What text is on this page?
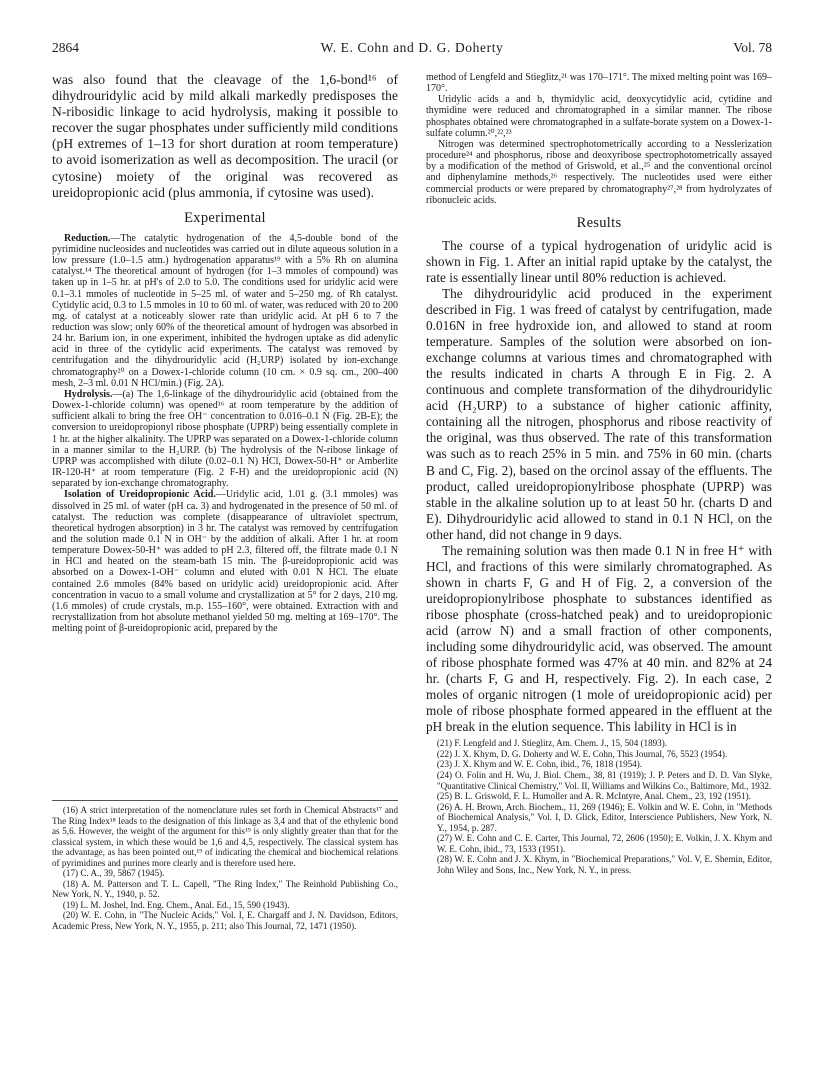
2864	W. E. Cohn and D. G. Doherty	Vol. 78

was also found that the cleavage of the 1,6-bond¹⁶ of dihydrouridylic acid by mild alkali markedly predisposes the N-ribosidic linkage to acid hydrolysis, making it possible to recover the sugar phosphates under sufficiently mild conditions (pH extremes of 1–13 for short duration at room temperature) to avoid isomerization as well as decomposition. The uracil (or cytosine) moiety of the original was recovered as ureidopropionic acid (plus ammonia, if cytosine was used).

Experimental

Reduction.—The catalytic hydrogenation of the 4,5-double bond of the pyrimidine nucleosides and nucleotides was carried out in dilute aqueous solution in a low pressure (1.0–1.5 atm.) hydrogenation apparatus¹⁹ with a 5% Rh on alumina catalyst.¹⁴ The theoretical amount of hydrogen (for 1–3 mmoles of compound) was taken up in 1–5 hr. at pH's of 2.0 to 5.0. The conditions used for uridylic acid were 0.1–3.1 mmoles of nucleotide in 5–25 ml. of water and 5–250 mg. of Rh catalyst. Cytidylic acid, 0.3 to 1.5 mmoles in 10 to 60 ml. of water, was reduced with 20 to 200 mg. of catalyst at a noticeably slower rate than uridylic acid. At pH 6 to 7 the reduction was slow; only 60% of the theoretical amount of hydrogen was absorbed in 24 hr. Barium ion, in one experiment, inhibited the hydrogen uptake as did adenylic acid in three of the cytidylic acid experiments. The catalyst was removed by centrifugation and the dihydrouridylic acid (H₂URP) isolated by ion-exchange chromatography²⁰ on a Dowex-1-chloride column (10 cm. × 0.9 sq. cm., 200–400 mesh, 2–3 ml. 0.01 N HCl/min.) (Fig. 2A).

Hydrolysis.—(a) The 1,6-linkage of the dihydrouridylic acid (obtained from the Dowex-1-chloride column) was opened¹⁶ at room temperature by the addition of sufficient alkali to bring the free OH⁻ concentration to 0.016–0.1 N (Fig. 2B-E); the conversion to ureidopropionyl ribose phosphate (UPRP) being essentially complete in 1 hr. at the higher alkalinity. The UPRP was separated on a Dowex-1-chloride column in a manner similar to the H₂URP. (b) The hydrolysis of the N-ribose linkage of UPRP was accomplished with dilute (0.02–0.1 N) HCl, Dowex-50-H⁺ or Amberlite IR-120-H⁺ at room temperature (Fig. 2 F-H) and the ureidopropionic acid (N) separated by ion-exchange chromatography.

Isolation of Ureidopropionic Acid.—Uridylic acid, 1.01 g. (3.1 mmoles) was dissolved in 25 ml. of water (pH ca. 3) and hydrogenated in the presence of 50 ml. of catalyst. The reduction was complete (disappearance of ultraviolet spectrum, theoretical hydrogen absorption) in 3 hr. The catalyst was removed by centrifugation and the solution made 0.1 N in OH⁻ by the addition of alkali. After 1 hr. at room temperature Dowex-50-H⁺ was added to pH 2.3, filtered off, the filtrate made 0.1 N in HCl and heated on the steam-bath 15 min. The β-ureidopropionic acid was absorbed on a Dowex-1-OH⁻ column and eluted with 0.01 N HCl. The eluate contained 2.6 mmoles (84% based on uridylic acid) ureidopropionic acid. After concentration in vacuo to a small volume and crystallization at 5° for 2 days, 210 mg. (1.6 mmoles) of crude crystals, m.p. 155–160°, were obtained. Extraction with and recrystallization from hot absolute methanol yielded 50 mg. melting at 169–170°. The melting point of β-ureidopropionic acid, prepared by the

(16) A strict interpretation of the nomenclature rules set forth in Chemical Abstracts¹⁷ and The Ring Index¹⁸ leads to the designation of this linkage as 3,4 and that of the ethylenic bond as 5,6. However, the weight of the argument for this¹⁹ is only slightly greater than that for the classical system, in which these would be 1,6 and 4,5, respectively. The classical system has the advantage, as has been pointed out,¹⁹ of indicating the chemical and biochemical relations of pyrimidines and purines more clearly and is therefore used here.

(17) C. A., 39, 5867 (1945).

(18) A. M. Patterson and T. L. Capell, "The Ring Index," The Reinhold Publishing Co., New York, N. Y., 1940, p. 52.

(19) L. M. Joshel, Ind. Eng. Chem., Anal. Ed., 15, 590 (1943).

(20) W. E. Cohn, in "The Nucleic Acids," Vol. I, E. Chargaff and J. N. Davidson, Editors, Academic Press, New York, N. Y., 1955, p. 211; also This Journal, 72, 1471 (1950).

method of Lengfeld and Stieglitz,²¹ was 170–171°. The mixed melting point was 169–170°.

Uridylic acids a and b, thymidylic acid, deoxycytidylic acid, cytidine and thymidine were reduced and chromatographed in a similar manner. The ribose phosphates obtained were chromatographed in a sulfate-borate system on a Dowex-1-sulfate column.²⁰,²²,²³

Nitrogen was determined spectrophotometrically according to a Nesslerization procedure²⁴ and phosphorus, ribose and deoxyribose spectrophotometrically assayed by a modification of the method of Griswold, et al.,²⁵ and the conventional orcinol and diphenylamine methods,²⁶ respectively. The nucleotides used were either commercial products or were prepared by chromatography²⁷,²⁸ from hydrolyzates of ribonucleic acids.

Results

The course of a typical hydrogenation of uridylic acid is shown in Fig. 1. After an initial rapid uptake by the catalyst, the rate is essentially linear until 80% reduction is achieved.

The dihydrouridylic acid produced in the experiment described in Fig. 1 was freed of catalyst by centrifugation, made 0.016N in free hydroxide ion, and allowed to stand at room temperature. Samples of the solution were absorbed on ion-exchange columns at various times and chromatographed with the results indicated in charts A through E in Fig. 2. A continuous and complete transformation of the dihydrouridylic acid (H₂URP) to a substance of higher cationic affinity, containing all the nitrogen, phosphorus and ribose reactivity of the original, was thus observed. The rate of this transformation was such as to reach 25% in 5 min. and 75% in 60 min. (charts B and C, Fig. 2), based on the orcinol assay of the effluents. The product, called ureidopropionylribose phosphate (UPRP) was stable in the alkaline solution up to at least 50 hr. (charts D and E). Dihydrouridylic acid allowed to stand in 0.1 N HCl, on the other hand, did not change in 9 days.

The remaining solution was then made 0.1 N in free H⁺ with HCl, and fractions of this were similarly chromatographed. As shown in charts F, G and H of Fig. 2, a conversion of the ureidopropionylribose phosphate to substances identified as ribose phosphate (cross-hatched peak) and to ureidopropionic acid (arrow N) and a small fraction of other components, including some dihydrouridylic acid, was observed. The amount of ribose phosphate formed was 47% at 40 min. and 82% at 24 hr. (charts F, G and H, respectively. Fig. 2). In each case, 2 moles of organic nitrogen (1 mole of ureidopropionic acid) per mole of ribose phosphate formed appeared in the effluent at the pH break in the elution sequence. This lability in HCl is in

(21) F. Lengfeld and J. Stieglitz, Am. Chem. J., 15, 504 (1893).

(22) J. X. Khym, D. G. Doherty and W. E. Cohn, This Journal, 76, 5523 (1954).

(23) J. X. Khym and W. E. Cohn, ibid., 76, 1818 (1954).

(24) O. Folin and H. Wu, J. Biol. Chem., 38, 81 (1919); J. P. Peters and D. D. Van Slyke, "Quantitative Clinical Chemistry," Vol. II, Williams and Wilkins Co., Baltimore, Md., 1932.

(25) B. L. Griswold, F. L. Humoller and A. R. McIntyre, Anal. Chem., 23, 192 (1951).

(26) A. H. Brown, Arch. Biochem., 11, 269 (1946); E. Volkin and W. E. Cohn, in "Methods of Biochemical Analysis," Vol. I, D. Glick, Editor, Interscience Publishers, New York, N. Y., 1954, p. 287.

(27) W. E. Cohn and C. E. Carter, This Journal, 72, 2606 (1950); E. Volkin, J. X. Khym and W. E. Cohn, ibid., 73, 1533 (1951).

(28) W. E. Cohn and J. X. Khym, in "Biochemical Preparations," Vol. V, E. Shemin, Editor, John Wiley and Sons, Inc., New York, N. Y., in press.
